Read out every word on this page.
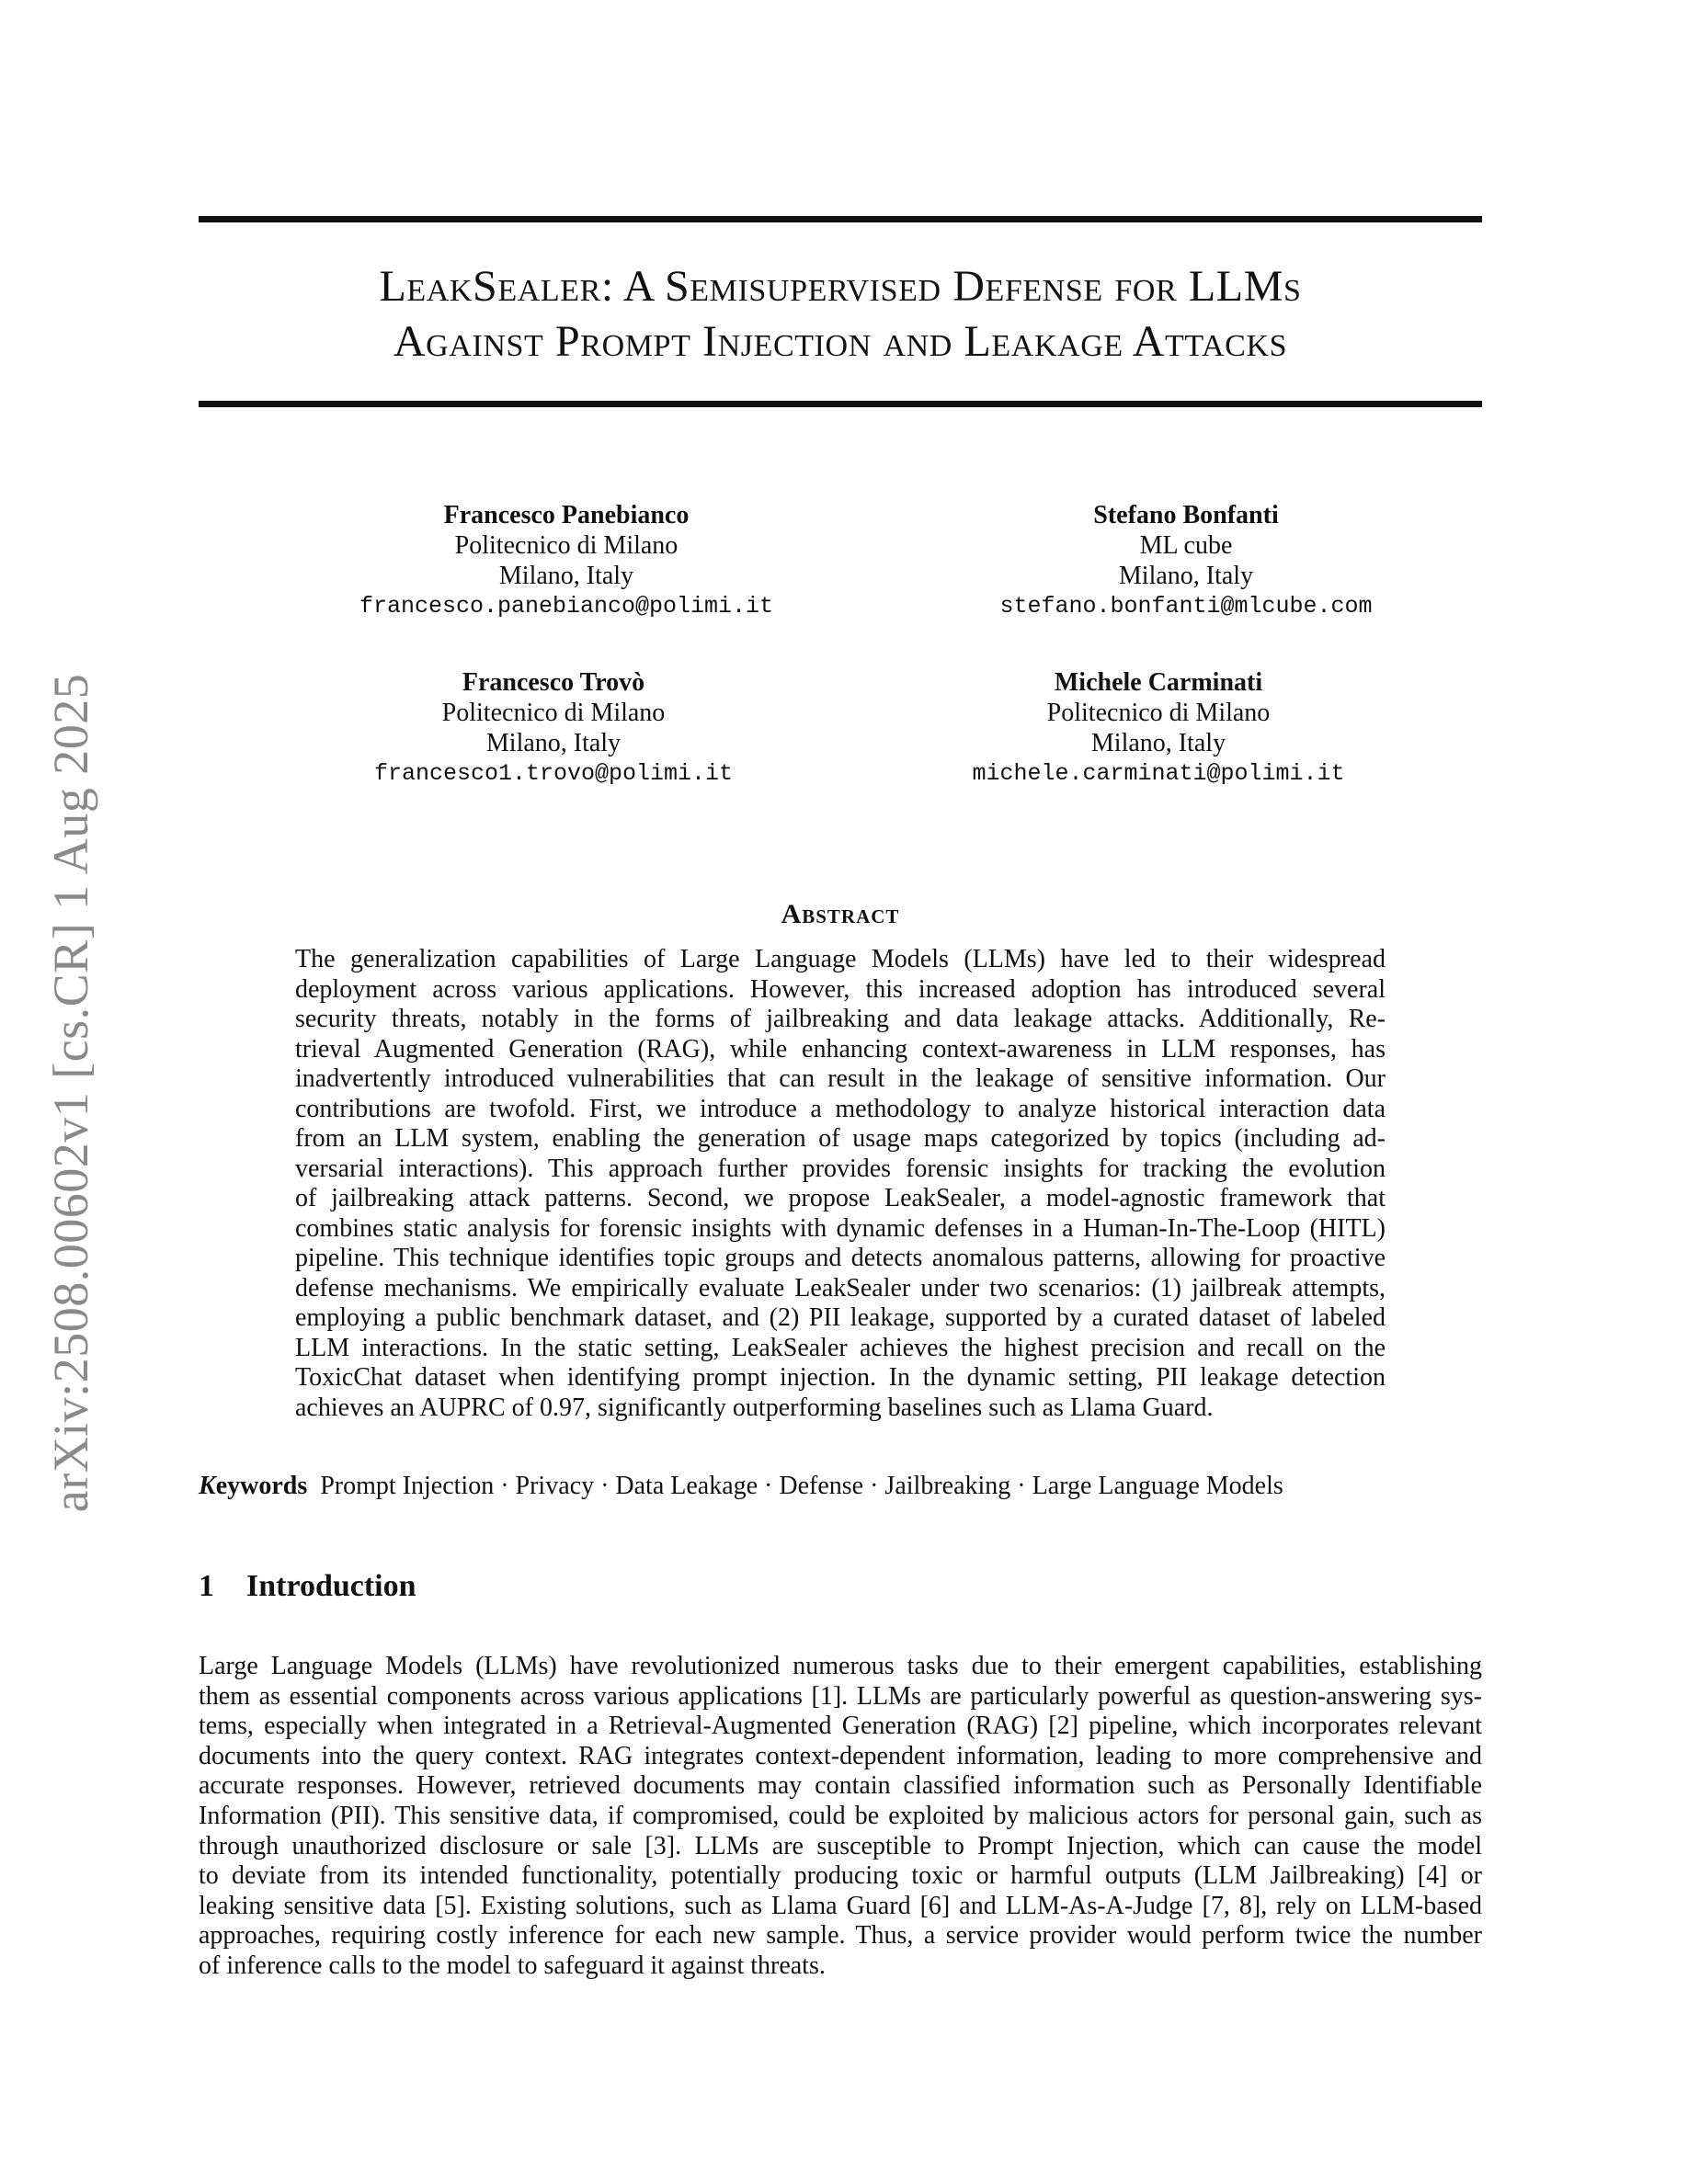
arXiv:2508.00602v1 [cs.CR] 1 Aug 2025
LeakSealer: A Semisupervised Defense for LLMs
Against Prompt Injection and Leakage Attacks
Francesco Panebianco
Politecnico di Milano
Milano, Italy
francesco.panebianco@polimi.it
Stefano Bonfanti
ML cube
Milano, Italy
stefano.bonfanti@mlcube.com
Francesco Trovò
Politecnico di Milano
Milano, Italy
francesco1.trovo@polimi.it
Michele Carminati
Politecnico di Milano
Milano, Italy
michele.carminati@polimi.it
Abstract
The generalization capabilities of Large Language Models (LLMs) have led to their widespread
deployment across various applications. However, this increased adoption has introduced several
security threats, notably in the forms of jailbreaking and data leakage attacks. Additionally, Re-
trieval Augmented Generation (RAG), while enhancing context-awareness in LLM responses, has
inadvertently introduced vulnerabilities that can result in the leakage of sensitive information. Our
contributions are twofold. First, we introduce a methodology to analyze historical interaction data
from an LLM system, enabling the generation of usage maps categorized by topics (including ad-
versarial interactions). This approach further provides forensic insights for tracking the evolution
of jailbreaking attack patterns. Second, we propose LeakSealer, a model-agnostic framework that
combines static analysis for forensic insights with dynamic defenses in a Human-In-The-Loop (HITL)
pipeline. This technique identifies topic groups and detects anomalous patterns, allowing for proactive
defense mechanisms. We empirically evaluate LeakSealer under two scenarios: (1) jailbreak attempts,
employing a public benchmark dataset, and (2) PII leakage, supported by a curated dataset of labeled
LLM interactions. In the static setting, LeakSealer achieves the highest precision and recall on the
ToxicChat dataset when identifying prompt injection. In the dynamic setting, PII leakage detection
achieves an AUPRC of 0.97, significantly outperforming baselines such as Llama Guard.
Keywords Prompt Injection · Privacy · Data Leakage · Defense · Jailbreaking · Large Language Models
1 Introduction
Large Language Models (LLMs) have revolutionized numerous tasks due to their emergent capabilities, establishing
them as essential components across various applications [1]. LLMs are particularly powerful as question-answering sys-
tems, especially when integrated in a Retrieval-Augmented Generation (RAG) [2] pipeline, which incorporates relevant
documents into the query context. RAG integrates context-dependent information, leading to more comprehensive and
accurate responses. However, retrieved documents may contain classified information such as Personally Identifiable
Information (PII). This sensitive data, if compromised, could be exploited by malicious actors for personal gain, such as
through unauthorized disclosure or sale [3]. LLMs are susceptible to Prompt Injection, which can cause the model
to deviate from its intended functionality, potentially producing toxic or harmful outputs (LLM Jailbreaking) [4] or
leaking sensitive data [5]. Existing solutions, such as Llama Guard [6] and LLM-As-A-Judge [7, 8], rely on LLM-based
approaches, requiring costly inference for each new sample. Thus, a service provider would perform twice the number
of inference calls to the model to safeguard it against threats.
